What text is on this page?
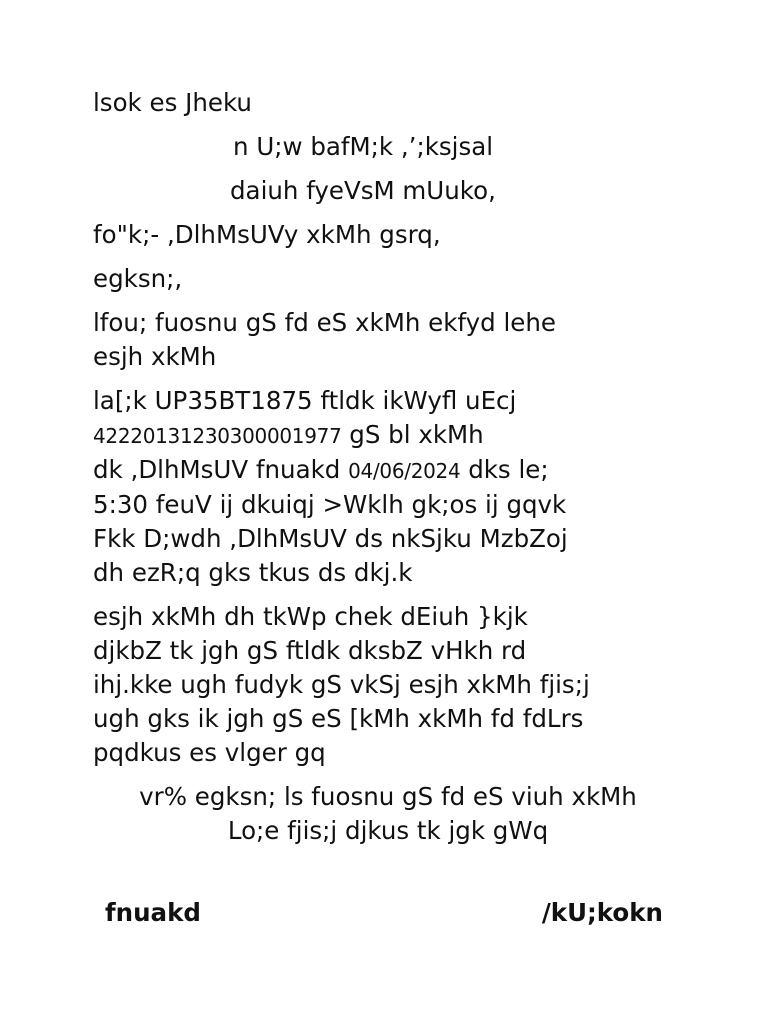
lsok es Jheku
n U;w bafM;k ,’;ksjsal
daiuh fyeVsM mUuko,
fo"k;- ,DlhMsUVy xkMh gsrq,
egksn;,
lfou; fuosnu gS fd eS xkMh ekfyd lehe
esjh xkMh
la[;k UP35BT1875 ftldk ikWyfl uEcj
42220131230300001977 gS bl xkMh
dk ,DlhMsUV fnuakd 04/06/2024 dks le;
5:30 feuV ij dkuiqj >Wklh gk;os ij gqvk
Fkk D;wdh ,DlhMsUV ds nkSjku MzbZoj
dh ezR;q gks tkus ds dkj.k
esjh xkMh dh tkWp chek dEiuh }kjk
djkbZ tk jgh gS ftldk dksbZ vHkh rd
ihj.kke ugh fudyk gS vkSj esjh xkMh fjis;j
ugh gks ik jgh gS eS [kMh xkMh fd fdLrs
pqdkus es vlger gq
vr% egksn; ls fuosnu gS fd eS viuh xkMh
Lo;e fjis;j djkus tk jgk gWq
fnuakd	/kU;kokn
